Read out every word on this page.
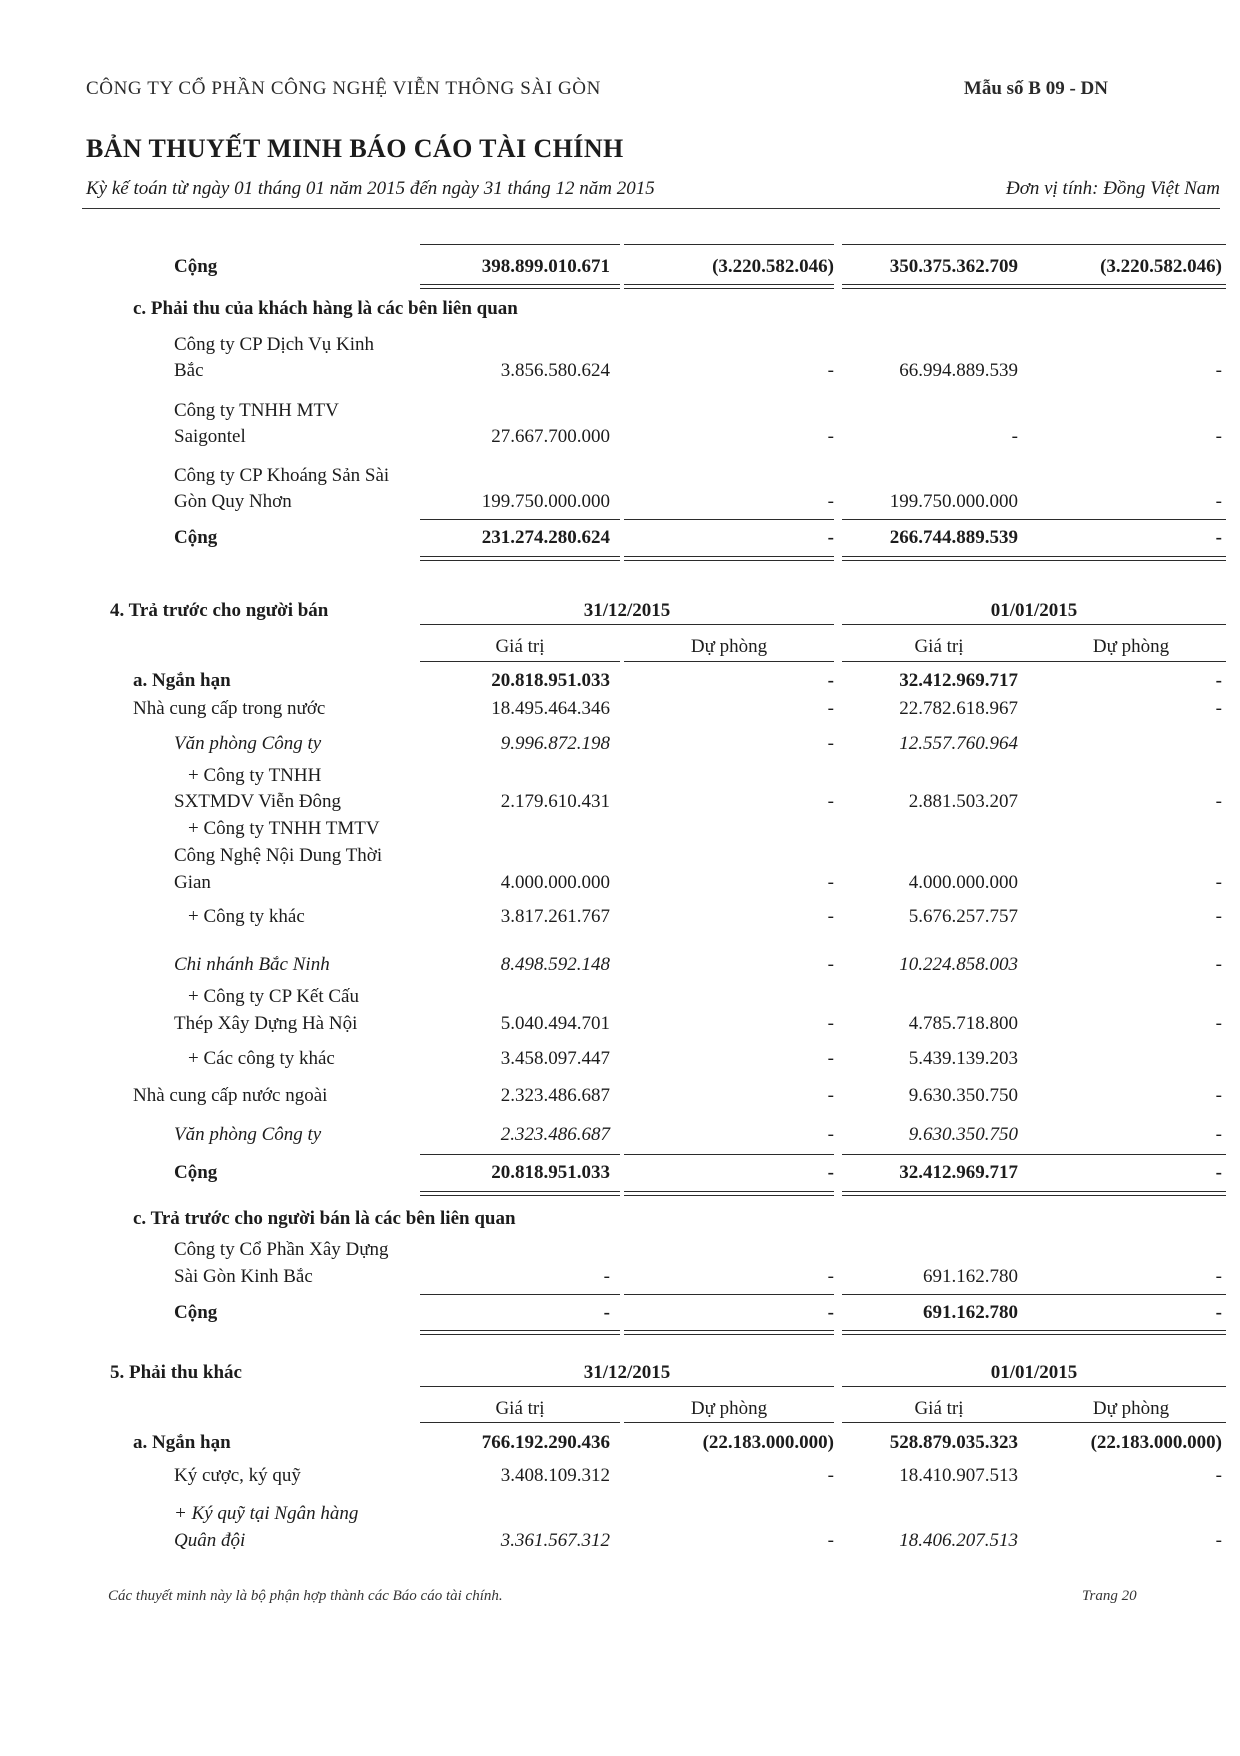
CÔNG TY CỔ PHẦN CÔNG NGHỆ VIỄN THÔNG SÀI GÒN	Mẫu số B 09 - DN
BẢN THUYẾT MINH BÁO CÁO TÀI CHÍNH
Kỳ kế toán từ ngày 01 tháng 01 năm 2015 đến ngày 31 tháng 12 năm 2015	Đơn vị tính: Đồng Việt Nam
Cộng	398.899.010.671	(3.220.582.046)	350.375.362.709	(3.220.582.046)
c. Phải thu của khách hàng là các bên liên quan
Công ty CP Dịch Vụ Kinh
Bắc	3.856.580.624	-	66.994.889.539	-
Công ty TNHH MTV
Saigontel	27.667.700.000	-	-	-
Công ty CP Khoáng Sản Sài
Gòn Quy Nhơn	199.750.000.000	-	199.750.000.000	-
Cộng	231.274.280.624	-	266.744.889.539	-
4. Trả trước cho người bán	31/12/2015	01/01/2015
Giá trị	Dự phòng	Giá trị	Dự phòng
a. Ngắn hạn	20.818.951.033	-	32.412.969.717	-
Nhà cung cấp trong nước	18.495.464.346	-	22.782.618.967	-
Văn phòng Công ty	9.996.872.198	-	12.557.760.964
+ Công ty TNHH
SXTMDV Viễn Đông	2.179.610.431	-	2.881.503.207	-
+ Công ty TNHH TMTV
Công Nghệ Nội Dung Thời
Gian	4.000.000.000	-	4.000.000.000	-
+ Công ty khác	3.817.261.767	-	5.676.257.757	-
Chi nhánh Bắc Ninh	8.498.592.148	-	10.224.858.003	-
+ Công ty CP Kết Cấu
Thép Xây Dựng Hà Nội	5.040.494.701	-	4.785.718.800	-
+ Các công ty khác	3.458.097.447	-	5.439.139.203
Nhà cung cấp nước ngoài	2.323.486.687	-	9.630.350.750	-
Văn phòng Công ty	2.323.486.687	-	9.630.350.750	-
Cộng	20.818.951.033	-	32.412.969.717	-
c. Trả trước cho người bán là các bên liên quan
Công ty Cổ Phần Xây Dựng
Sài Gòn Kinh Bắc	-	-	691.162.780	-
Cộng	-	-	691.162.780	-
5. Phải thu khác	31/12/2015	01/01/2015
Giá trị	Dự phòng	Giá trị	Dự phòng
a. Ngắn hạn	766.192.290.436	(22.183.000.000)	528.879.035.323	(22.183.000.000)
Ký cược, ký quỹ	3.408.109.312	-	18.410.907.513	-
+ Ký quỹ tại Ngân hàng
Quân đội	3.361.567.312	-	18.406.207.513	-
Các thuyết minh này là bộ phận hợp thành các Báo cáo tài chính.	Trang 20
